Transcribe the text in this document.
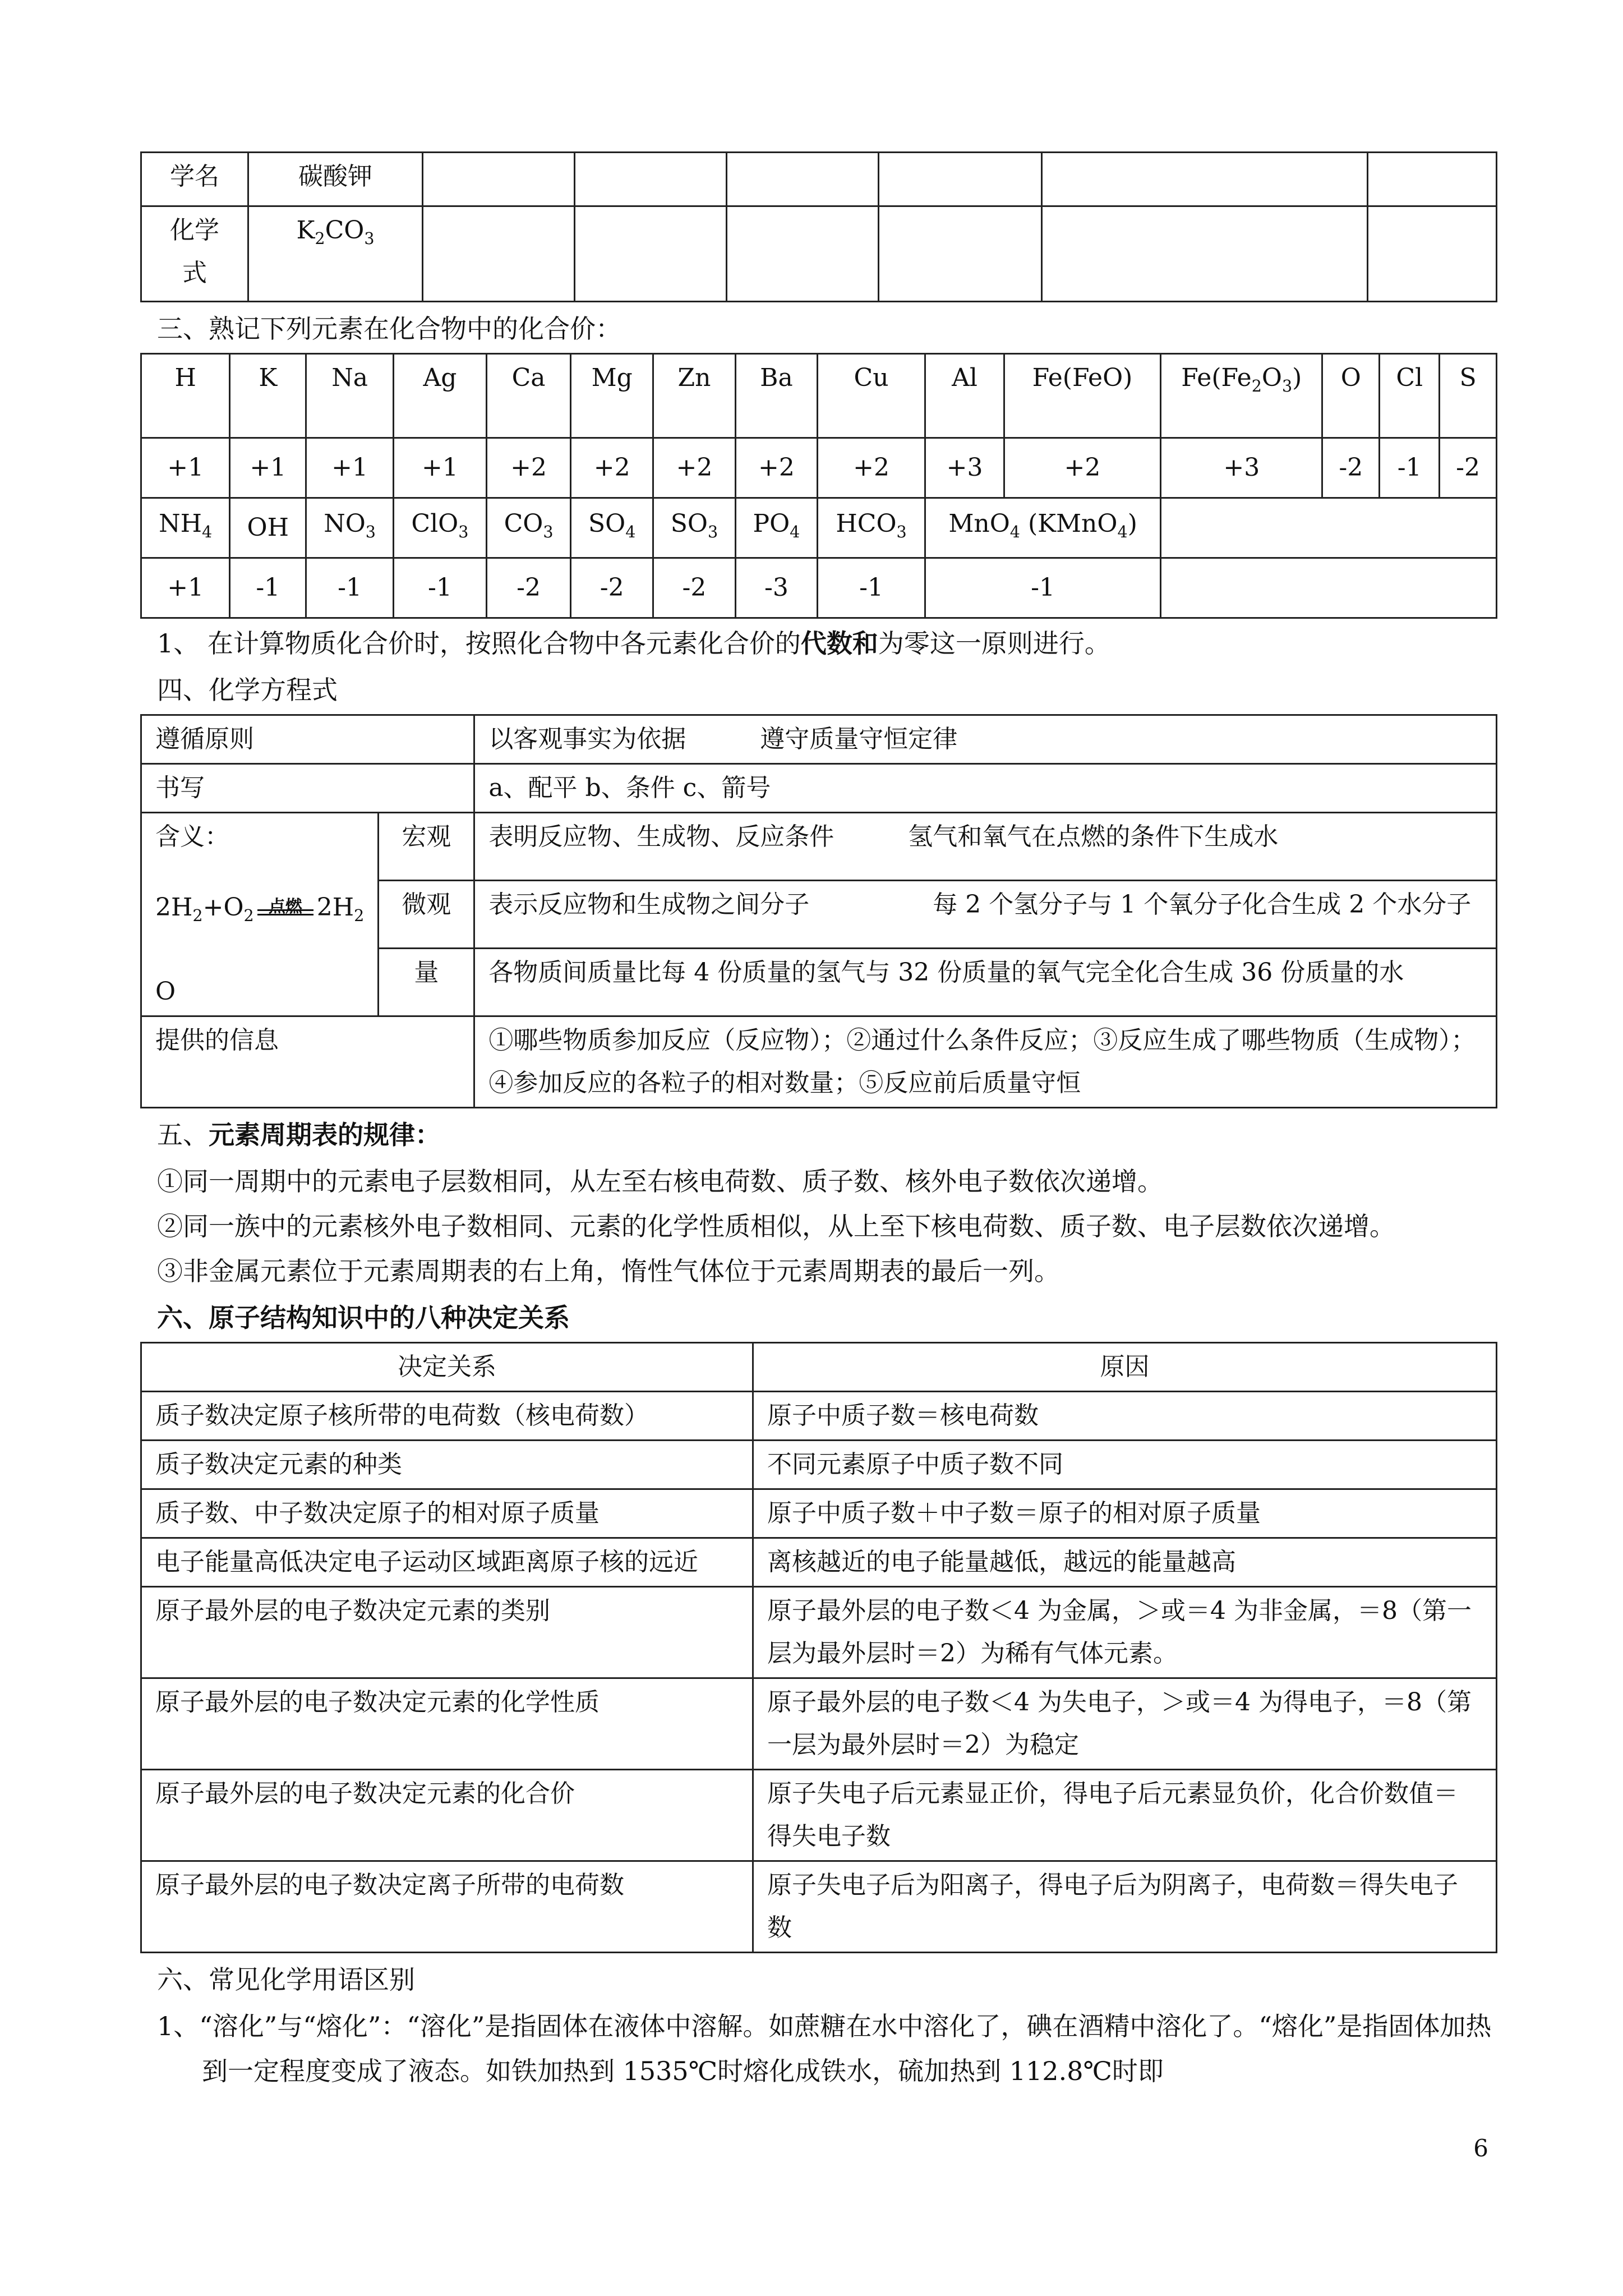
学名	碳酸钾						
化学
式	$K_2CO_3$						

三、熟记下列元素在化合物中的化合价：

H	K	Na	Ag	Ca	Mg	Zn	Ba	Cu	Al	Fe(FeO)	$Fe(Fe_2O_3)$	O	Cl	S
+1	+1	+1	+1	+2	+2	+2	+2	+2	+3	+2	+3	-2	-1	-2
$NH_4$	OH	$NO_3$	ClO$_3$	$CO_3$	$SO_4$	$SO_3$	$PO_4$	$HCO_3$	MnO$_4$ (KMnO$_4$)					
+1	-1	-1	-1	-2	-2	-2	-3	-1	-1					

1、 在计算物质化合价时，按照化合物中各元素化合价的代数和为零这一原则进行。

四、化学方程式

遵循原则		以客观事实为依据　　　遵守质量守恒定律
书写		a、配平 b、条件 c、箭号

含义：
$2H_2+O_2$ 点燃 $2H_2$
O	宏观	表明反应物、生成物、反应条件　　　氢气和氧气在点燃的条件下生成水
	微观	表示反应物和生成物之间分子　　　　　每 2 个氢分子与 1 个氧分子化合生成 2 个水分子
	量	各物质间质量比每 4 份质量的氢气与 32 份质量的氧气完全化合生成 36 份质量的水
提供的信息		①哪些物质参加反应（反应物）；②通过什么条件反应；③反应生成了哪些物质（生成物）；④参加反应的各粒子的相对数量；⑤反应前后质量守恒

五、元素周期表的规律：

①同一周期中的元素电子层数相同，从左至右核电荷数、质子数、核外电子数依次递增。

②同一族中的元素核外电子数相同、元素的化学性质相似，从上至下核电荷数、质子数、电子层数依次递增。

③非金属元素位于元素周期表的右上角，惰性气体位于元素周期表的最后一列。

六、原子结构知识中的八种决定关系

决定关系	原因
质子数决定原子核所带的电荷数（核电荷数）	原子中质子数＝核电荷数
质子数决定元素的种类	不同元素原子中质子数不同
质子数、中子数决定原子的相对原子质量	原子中质子数＋中子数＝原子的相对原子质量
电子能量高低决定电子运动区域距离原子核的远近	离核越近的电子能量越低，越远的能量越高
原子最外层的电子数决定元素的类别	原子最外层的电子数＜4 为金属，＞或＝4 为非金属，＝8（第一层为最外层时＝2）为稀有气体元素。
原子最外层的电子数决定元素的化学性质	原子最外层的电子数＜4 为失电子，＞或＝4 为得电子，＝8（第一层为最外层时＝2）为稳定
原子最外层的电子数决定元素的化合价	原子失电子后元素显正价，得电子后元素显负价，化合价数值＝得失电子数
原子最外层的电子数决定离子所带的电荷数	原子失电子后为阳离子，得电子后为阴离子，电荷数＝得失电子数

六、常见化学用语区别

1、“溶化”与“熔化”：“溶化”是指固体在液体中溶解。如蔗糖在水中溶化了，碘在酒精中溶化了。“熔化”是指固体加热到一定程度变成了液态。如铁加热到 1535℃时熔化成铁水，硫加热到 112.8℃时即

6
